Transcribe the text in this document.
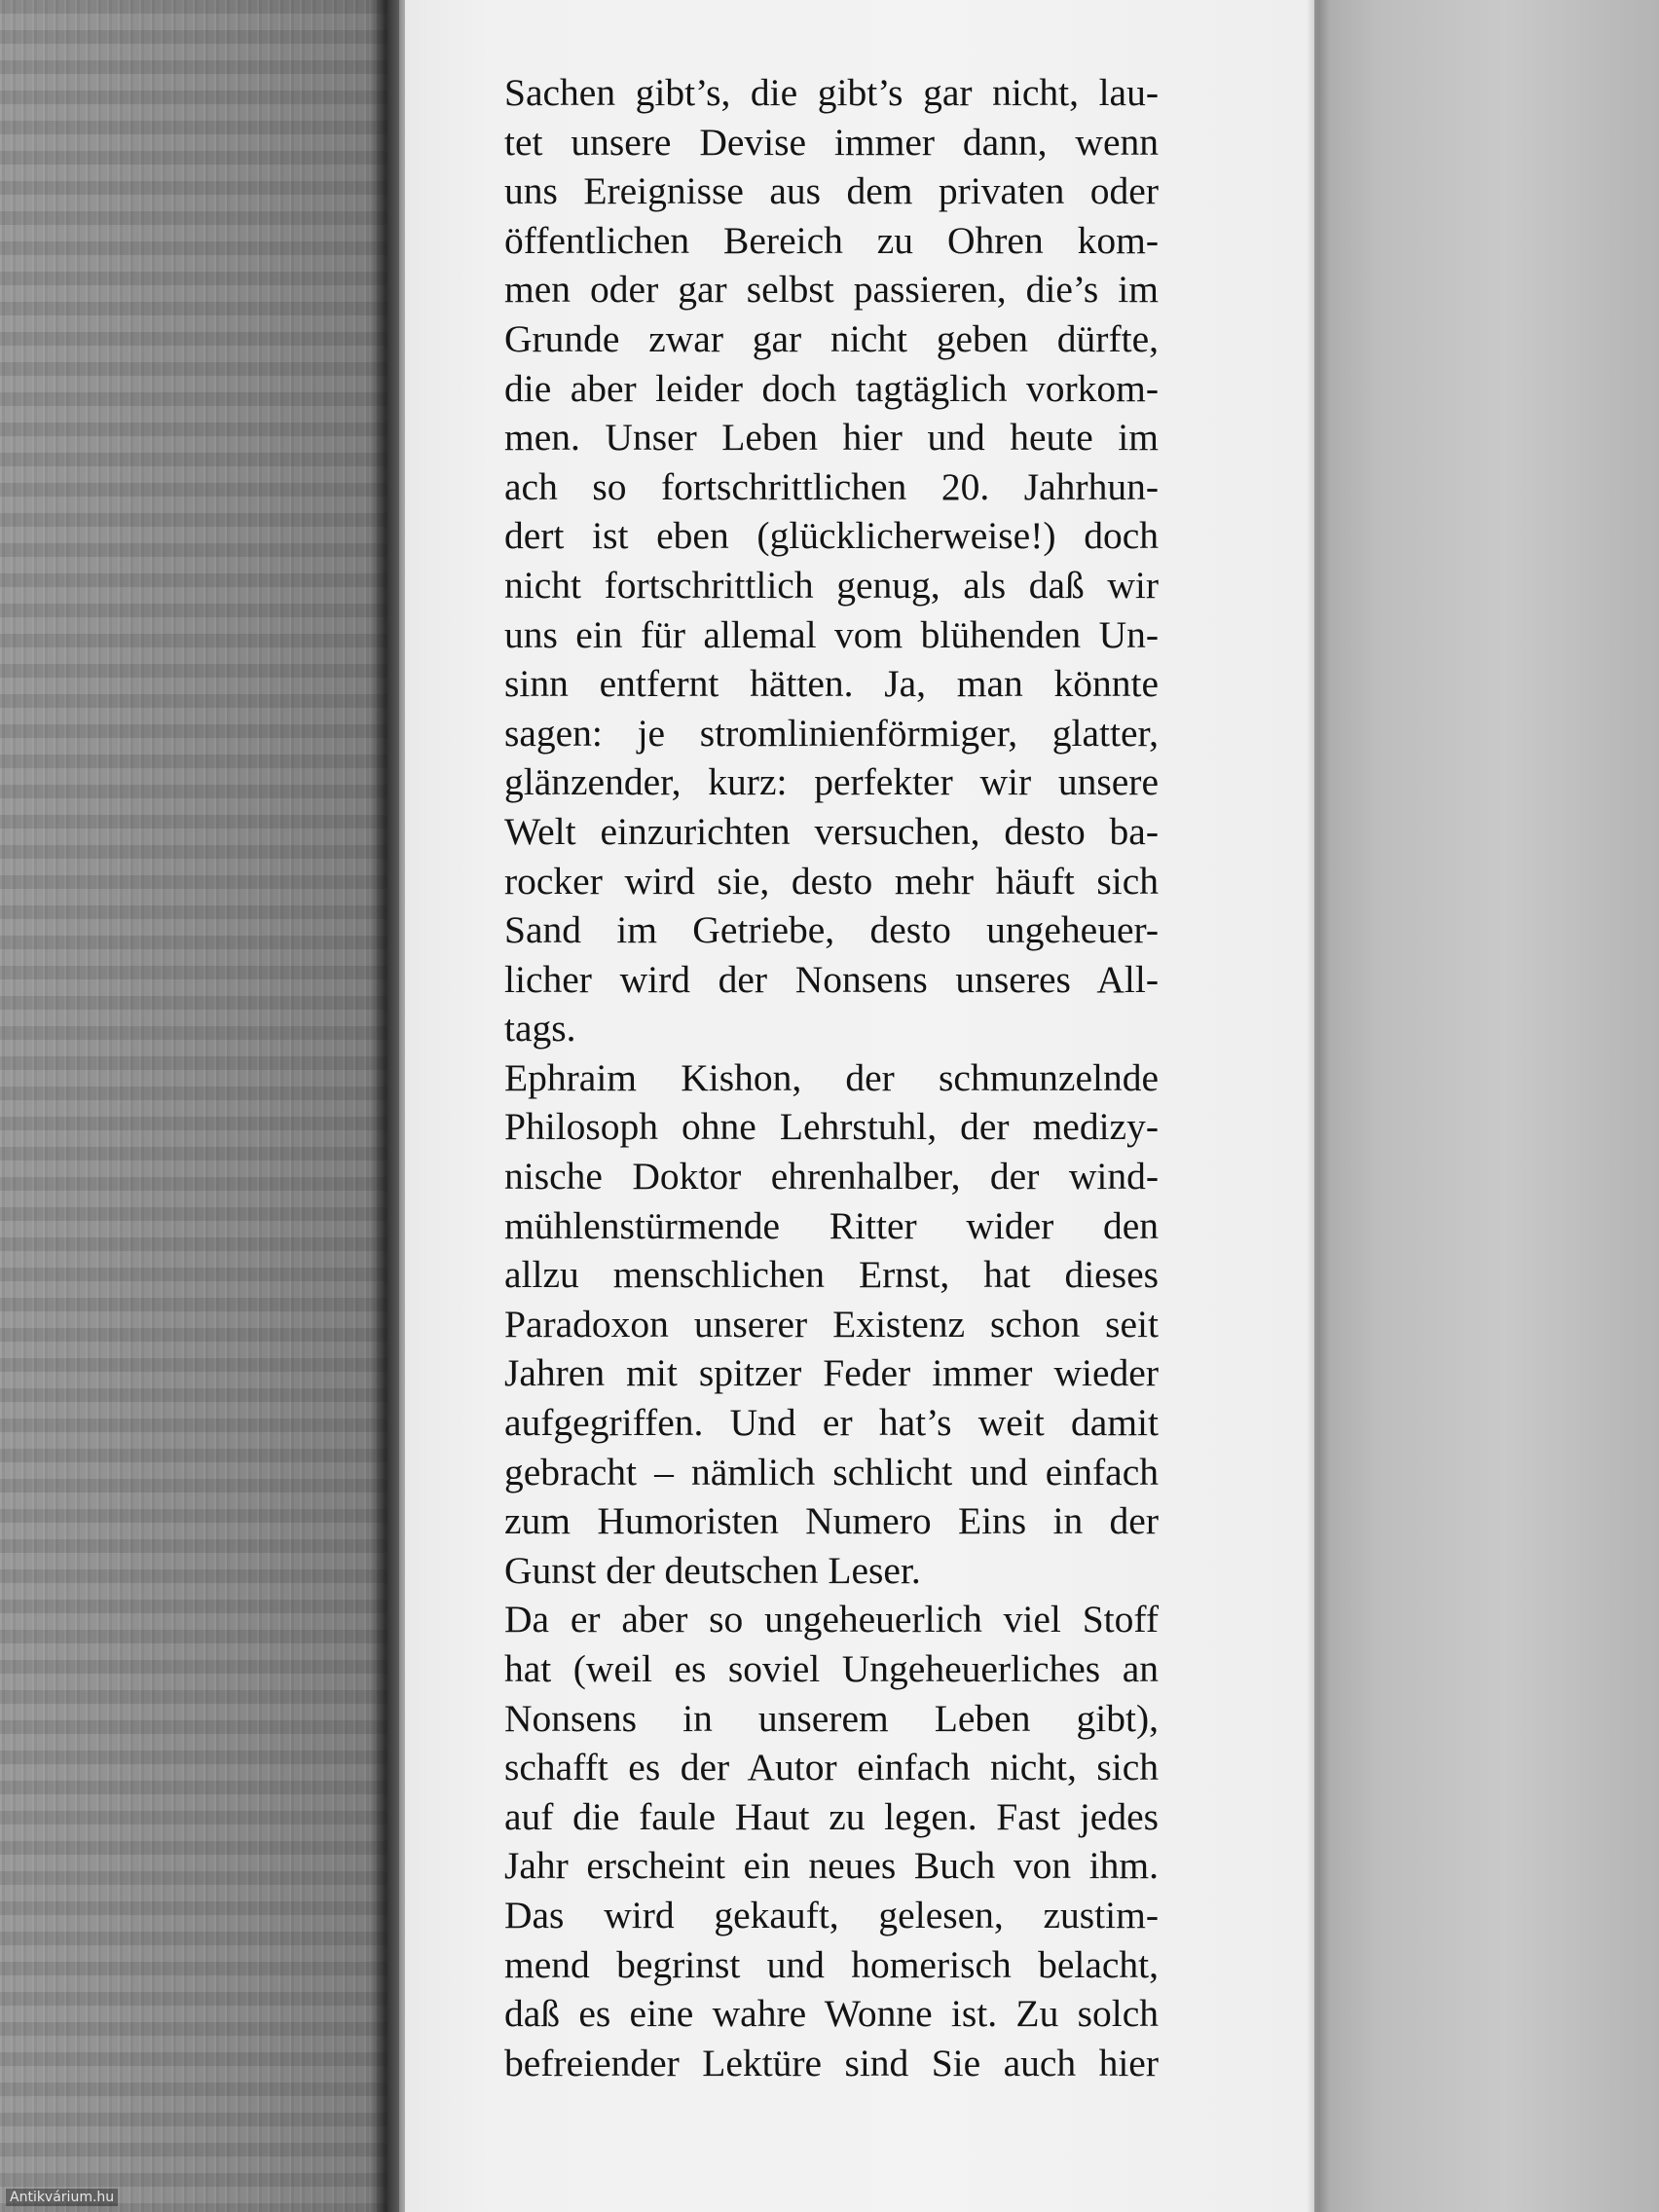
Sachen gibt’s, die gibt’s gar nicht, lau-
tet unsere Devise immer dann, wenn
uns Ereignisse aus dem privaten oder
öffentlichen Bereich zu Ohren kom-
men oder gar selbst passieren, die’s im
Grunde zwar gar nicht geben dürfte,
die aber leider doch tagtäglich vorkom-
men. Unser Leben hier und heute im
ach so fortschrittlichen 20. Jahrhun-
dert ist eben (glücklicherweise!) doch
nicht fortschrittlich genug, als daß wir
uns ein für allemal vom blühenden Un-
sinn entfernt hätten. Ja, man könnte
sagen: je stromlinienförmiger, glatter,
glänzender, kurz: perfekter wir unsere
Welt einzurichten versuchen, desto ba-
rocker wird sie, desto mehr häuft sich
Sand im Getriebe, desto ungeheuer-
licher wird der Nonsens unseres All-
tags.
Ephraim Kishon, der schmunzelnde
Philosoph ohne Lehrstuhl, der medizy-
nische Doktor ehrenhalber, der wind-
mühlenstürmende Ritter wider den
allzu menschlichen Ernst, hat dieses
Paradoxon unserer Existenz schon seit
Jahren mit spitzer Feder immer wieder
aufgegriffen. Und er hat’s weit damit
gebracht – nämlich schlicht und einfach
zum Humoristen Numero Eins in der
Gunst der deutschen Leser.
Da er aber so ungeheuerlich viel Stoff
hat (weil es soviel Ungeheuerliches an
Nonsens in unserem Leben gibt),
schafft es der Autor einfach nicht, sich
auf die faule Haut zu legen. Fast jedes
Jahr erscheint ein neues Buch von ihm.
Das wird gekauft, gelesen, zustim-
mend begrinst und homerisch belacht,
daß es eine wahre Wonne ist. Zu solch
befreiender Lektüre sind Sie auch hier
Antikvárium.hu
